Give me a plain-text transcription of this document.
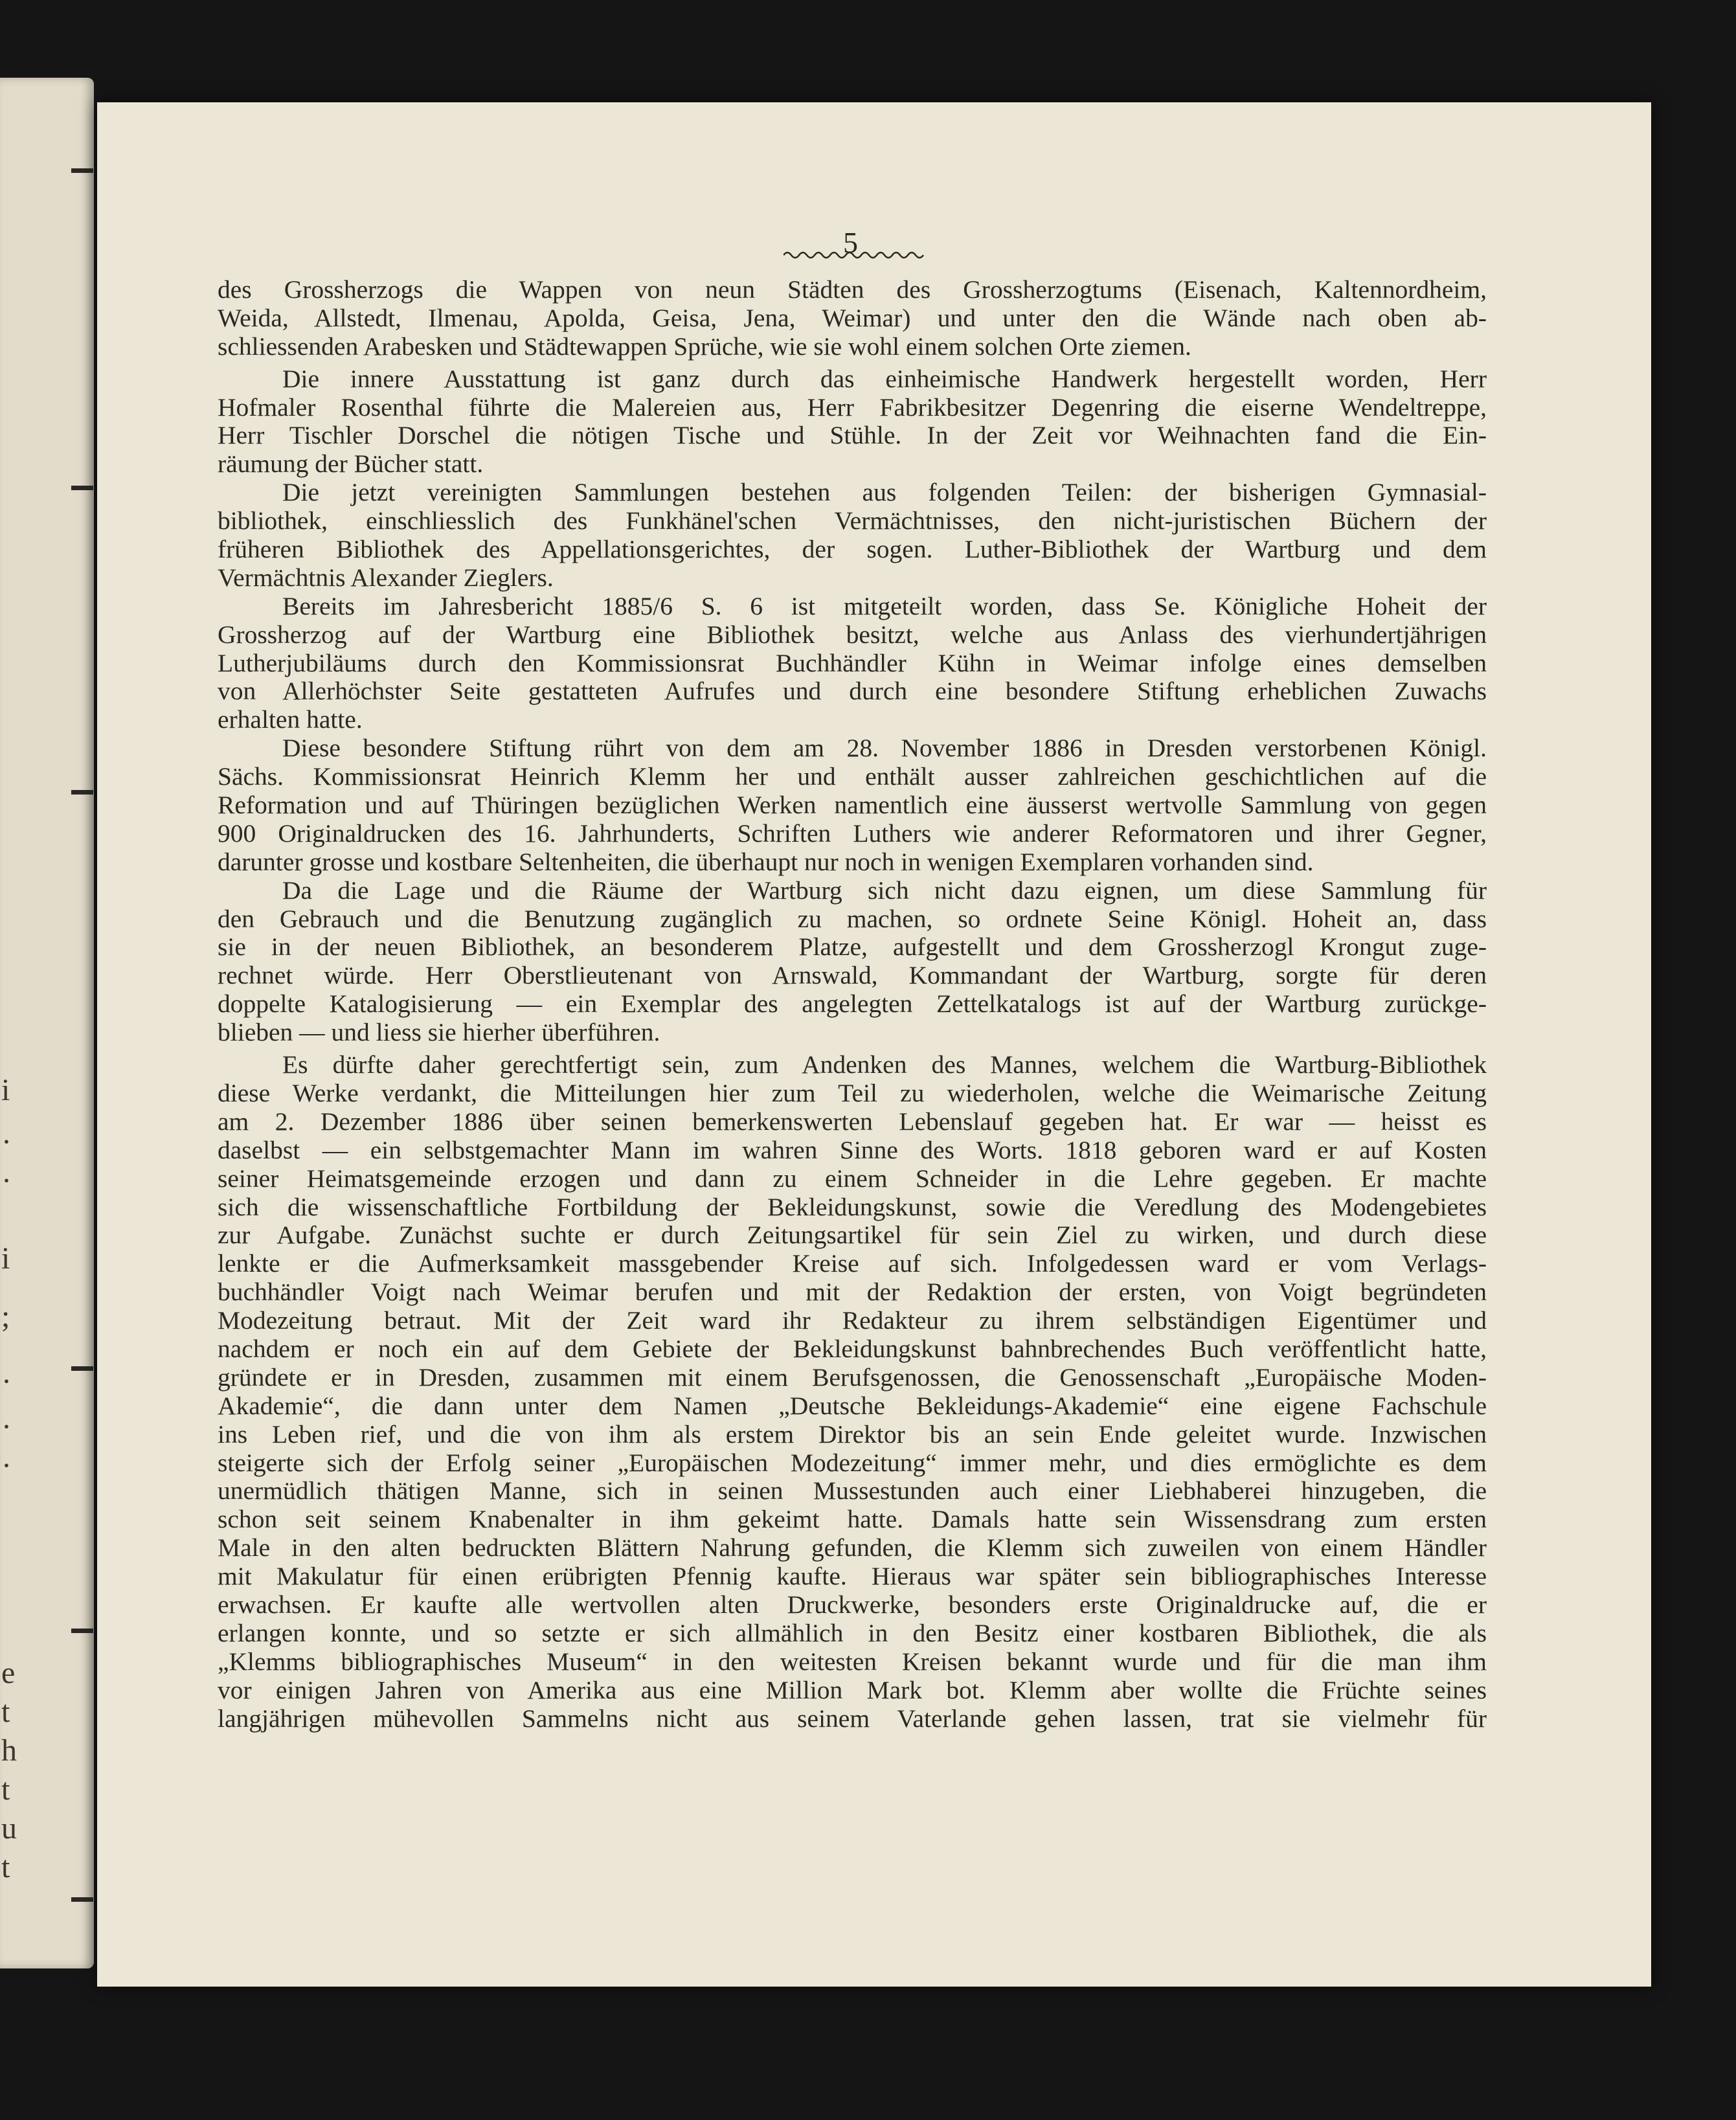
i
·
·
i
;
·
·
·
e
t
h
t
u
t
5
des Grossherzogs die Wappen von neun Städten des Grossherzogtums (Eisenach, Kaltennordheim,
Weida, Allstedt, Ilmenau, Apolda, Geisa, Jena, Weimar) und unter den die Wände nach oben ab-
schliessenden Arabesken und Städtewappen Sprüche, wie sie wohl einem solchen Orte ziemen.
Die innere Ausstattung ist ganz durch das einheimische Handwerk hergestellt worden, Herr
Hofmaler Rosenthal führte die Malereien aus, Herr Fabrikbesitzer Degenring die eiserne Wendeltreppe,
Herr Tischler Dorschel die nötigen Tische und Stühle. In der Zeit vor Weihnachten fand die Ein-
räumung der Bücher statt.
Die jetzt vereinigten Sammlungen bestehen aus folgenden Teilen: der bisherigen Gymnasial-
bibliothek, einschliesslich des Funkhänel'schen Vermächtnisses, den nicht-juristischen Büchern der
früheren Bibliothek des Appellationsgerichtes, der sogen. Luther-Bibliothek der Wartburg und dem
Vermächtnis Alexander Zieglers.
Bereits im Jahresbericht 1885/6 S. 6 ist mitgeteilt worden, dass Se. Königliche Hoheit der
Grossherzog auf der Wartburg eine Bibliothek besitzt, welche aus Anlass des vierhundertjährigen
Lutherjubiläums durch den Kommissionsrat Buchhändler Kühn in Weimar infolge eines demselben
von Allerhöchster Seite gestatteten Aufrufes und durch eine besondere Stiftung erheblichen Zuwachs
erhalten hatte.
Diese besondere Stiftung rührt von dem am 28. November 1886 in Dresden verstorbenen Königl.
Sächs. Kommissionsrat Heinrich Klemm her und enthält ausser zahlreichen geschichtlichen auf die
Reformation und auf Thüringen bezüglichen Werken namentlich eine äusserst wertvolle Sammlung von gegen
900 Originaldrucken des 16. Jahrhunderts, Schriften Luthers wie anderer Reformatoren und ihrer Gegner,
darunter grosse und kostbare Seltenheiten, die überhaupt nur noch in wenigen Exemplaren vorhanden sind.
Da die Lage und die Räume der Wartburg sich nicht dazu eignen, um diese Sammlung für
den Gebrauch und die Benutzung zugänglich zu machen, so ordnete Seine Königl. Hoheit an, dass
sie in der neuen Bibliothek, an besonderem Platze, aufgestellt und dem Grossherzogl Krongut zuge-
rechnet würde. Herr Oberstlieutenant von Arnswald, Kommandant der Wartburg, sorgte für deren
doppelte Katalogisierung — ein Exemplar des angelegten Zettelkatalogs ist auf der Wartburg zurückge-
blieben — und liess sie hierher überführen.
Es dürfte daher gerechtfertigt sein, zum Andenken des Mannes, welchem die Wartburg-Bibliothek
diese Werke verdankt, die Mitteilungen hier zum Teil zu wiederholen, welche die Weimarische Zeitung
am 2. Dezember 1886 über seinen bemerkenswerten Lebenslauf gegeben hat. Er war — heisst es
daselbst — ein selbstgemachter Mann im wahren Sinne des Worts. 1818 geboren ward er auf Kosten
seiner Heimatsgemeinde erzogen und dann zu einem Schneider in die Lehre gegeben. Er machte
sich die wissenschaftliche Fortbildung der Bekleidungskunst, sowie die Veredlung des Modengebietes
zur Aufgabe. Zunächst suchte er durch Zeitungsartikel für sein Ziel zu wirken, und durch diese
lenkte er die Aufmerksamkeit massgebender Kreise auf sich. Infolgedessen ward er vom Verlags-
buchhändler Voigt nach Weimar berufen und mit der Redaktion der ersten, von Voigt begründeten
Modezeitung betraut. Mit der Zeit ward ihr Redakteur zu ihrem selbständigen Eigentümer und
nachdem er noch ein auf dem Gebiete der Bekleidungskunst bahnbrechendes Buch veröffentlicht hatte,
gründete er in Dresden, zusammen mit einem Berufsgenossen, die Genossenschaft „Europäische Moden-
Akademie“, die dann unter dem Namen „Deutsche Bekleidungs-Akademie“ eine eigene Fachschule
ins Leben rief, und die von ihm als erstem Direktor bis an sein Ende geleitet wurde. Inzwischen
steigerte sich der Erfolg seiner „Europäischen Modezeitung“ immer mehr, und dies ermöglichte es dem
unermüdlich thätigen Manne, sich in seinen Mussestunden auch einer Liebhaberei hinzugeben, die
schon seit seinem Knabenalter in ihm gekeimt hatte. Damals hatte sein Wissensdrang zum ersten
Male in den alten bedruckten Blättern Nahrung gefunden, die Klemm sich zuweilen von einem Händler
mit Makulatur für einen erübrigten Pfennig kaufte. Hieraus war später sein bibliographisches Interesse
erwachsen. Er kaufte alle wertvollen alten Druckwerke, besonders erste Originaldrucke auf, die er
erlangen konnte, und so setzte er sich allmählich in den Besitz einer kostbaren Bibliothek, die als
„Klemms bibliographisches Museum“ in den weitesten Kreisen bekannt wurde und für die man ihm
vor einigen Jahren von Amerika aus eine Million Mark bot. Klemm aber wollte die Früchte seines
langjährigen mühevollen Sammelns nicht aus seinem Vaterlande gehen lassen, trat sie vielmehr für
